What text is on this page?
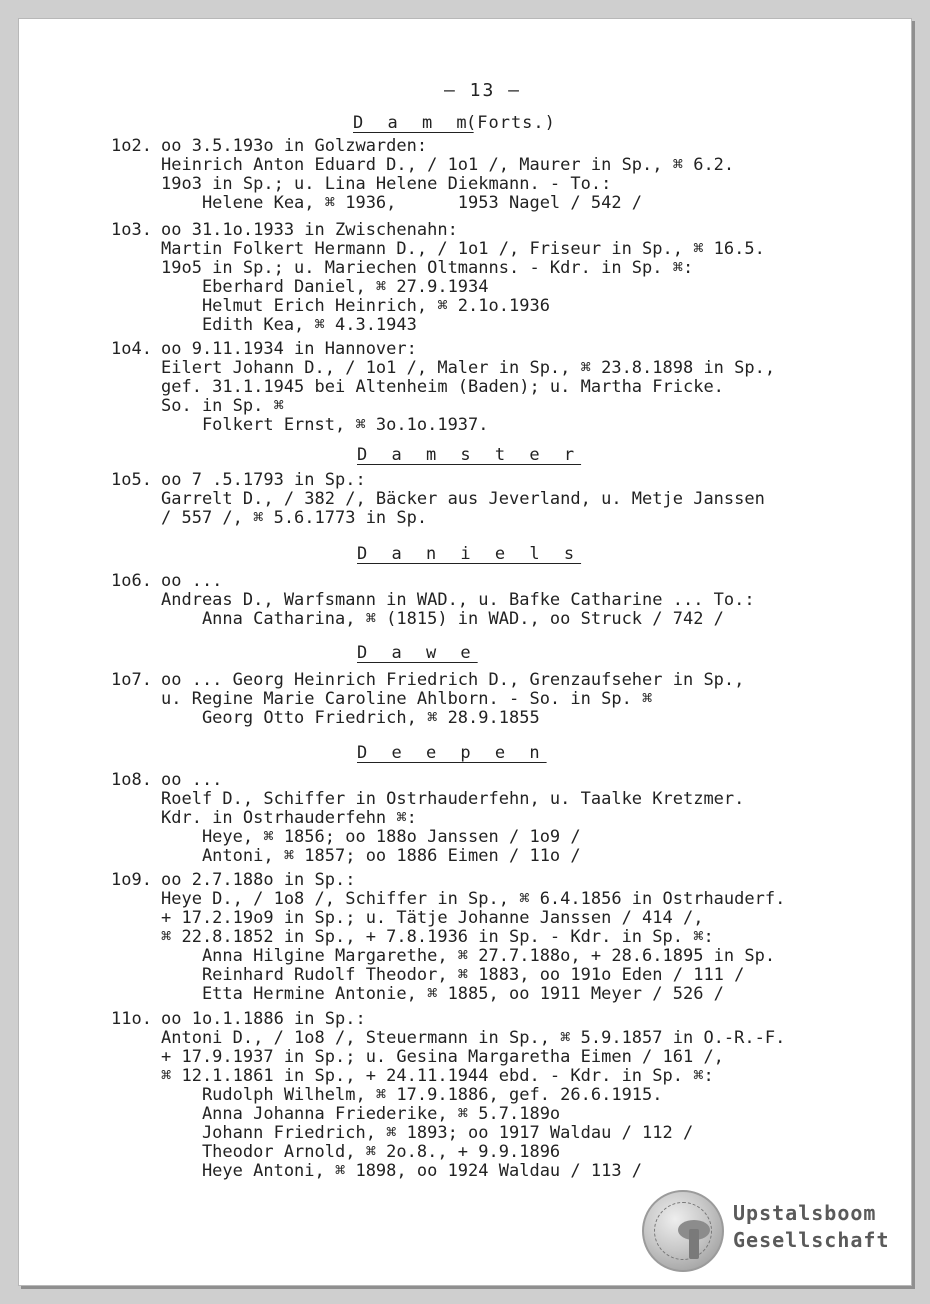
– 13 –
D a m m
(Forts.)
1o2. oo 3.5.193o in Golzwarden:
Heinrich Anton Eduard D., / 1o1 /, Maurer in Sp., ⌘ 6.2.
19o3 in Sp.; u. Lina Helene Diekmann. - To.:
Helene Kea, ⌘ 1936,      1953 Nagel / 542 /
1o3. oo 31.1o.1933 in Zwischenahn:
Martin Folkert Hermann D., / 1o1 /, Friseur in Sp., ⌘ 16.5.
19o5 in Sp.; u. Mariechen Oltmanns. - Kdr. in Sp. ⌘:
Eberhard Daniel, ⌘ 27.9.1934
Helmut Erich Heinrich, ⌘ 2.1o.1936
Edith Kea, ⌘ 4.3.1943
1o4. oo 9.11.1934 in Hannover:
Eilert Johann D., / 1o1 /, Maler in Sp., ⌘ 23.8.1898 in Sp.,
gef. 31.1.1945 bei Altenheim (Baden); u. Martha Fricke.
So. in Sp. ⌘
Folkert Ernst, ⌘ 3o.1o.1937.
D a m s t e r
1o5. oo 7 .5.1793 in Sp.:
Garrelt D., / 382 /, Bäcker aus Jeverland, u. Metje Janssen
/ 557 /, ⌘ 5.6.1773 in Sp.
D a n i e l s
1o6. oo ...
Andreas D., Warfsmann in WAD., u. Bafke Catharine ... To.:
Anna Catharina, ⌘ (1815) in WAD., oo Struck / 742 /
D a w e
1o7. oo ... Georg Heinrich Friedrich D., Grenzaufseher in Sp.,
u. Regine Marie Caroline Ahlborn. - So. in Sp. ⌘
Georg Otto Friedrich, ⌘ 28.9.1855
D e e p e n
1o8. oo ...
Roelf D., Schiffer in Ostrhauderfehn, u. Taalke Kretzmer.
Kdr. in Ostrhauderfehn ⌘:
Heye, ⌘ 1856; oo 188o Janssen / 1o9 /
Antoni, ⌘ 1857; oo 1886 Eimen / 11o /
1o9. oo 2.7.188o in Sp.:
Heye D., / 1o8 /, Schiffer in Sp., ⌘ 6.4.1856 in Ostrhauderf.
+ 17.2.19o9 in Sp.; u. Tätje Johanne Janssen / 414 /,
⌘ 22.8.1852 in Sp., + 7.8.1936 in Sp. - Kdr. in Sp. ⌘:
Anna Hilgine Margarethe, ⌘ 27.7.188o, + 28.6.1895 in Sp.
Reinhard Rudolf Theodor, ⌘ 1883, oo 191o Eden / 111 /
Etta Hermine Antonie, ⌘ 1885, oo 1911 Meyer / 526 /
11o. oo 1o.1.1886 in Sp.:
Antoni D., / 1o8 /, Steuermann in Sp., ⌘ 5.9.1857 in O.-R.-F.
+ 17.9.1937 in Sp.; u. Gesina Margaretha Eimen / 161 /,
⌘ 12.1.1861 in Sp., + 24.11.1944 ebd. - Kdr. in Sp. ⌘:
Rudolph Wilhelm, ⌘ 17.9.1886, gef. 26.6.1915.
Anna Johanna Friederike, ⌘ 5.7.189o
Johann Friedrich, ⌘ 1893; oo 1917 Waldau / 112 /
Theodor Arnold, ⌘ 2o.8., + 9.9.1896
Heye Antoni, ⌘ 1898, oo 1924 Waldau / 113 /
Upstalsboom
Gesellschaft
